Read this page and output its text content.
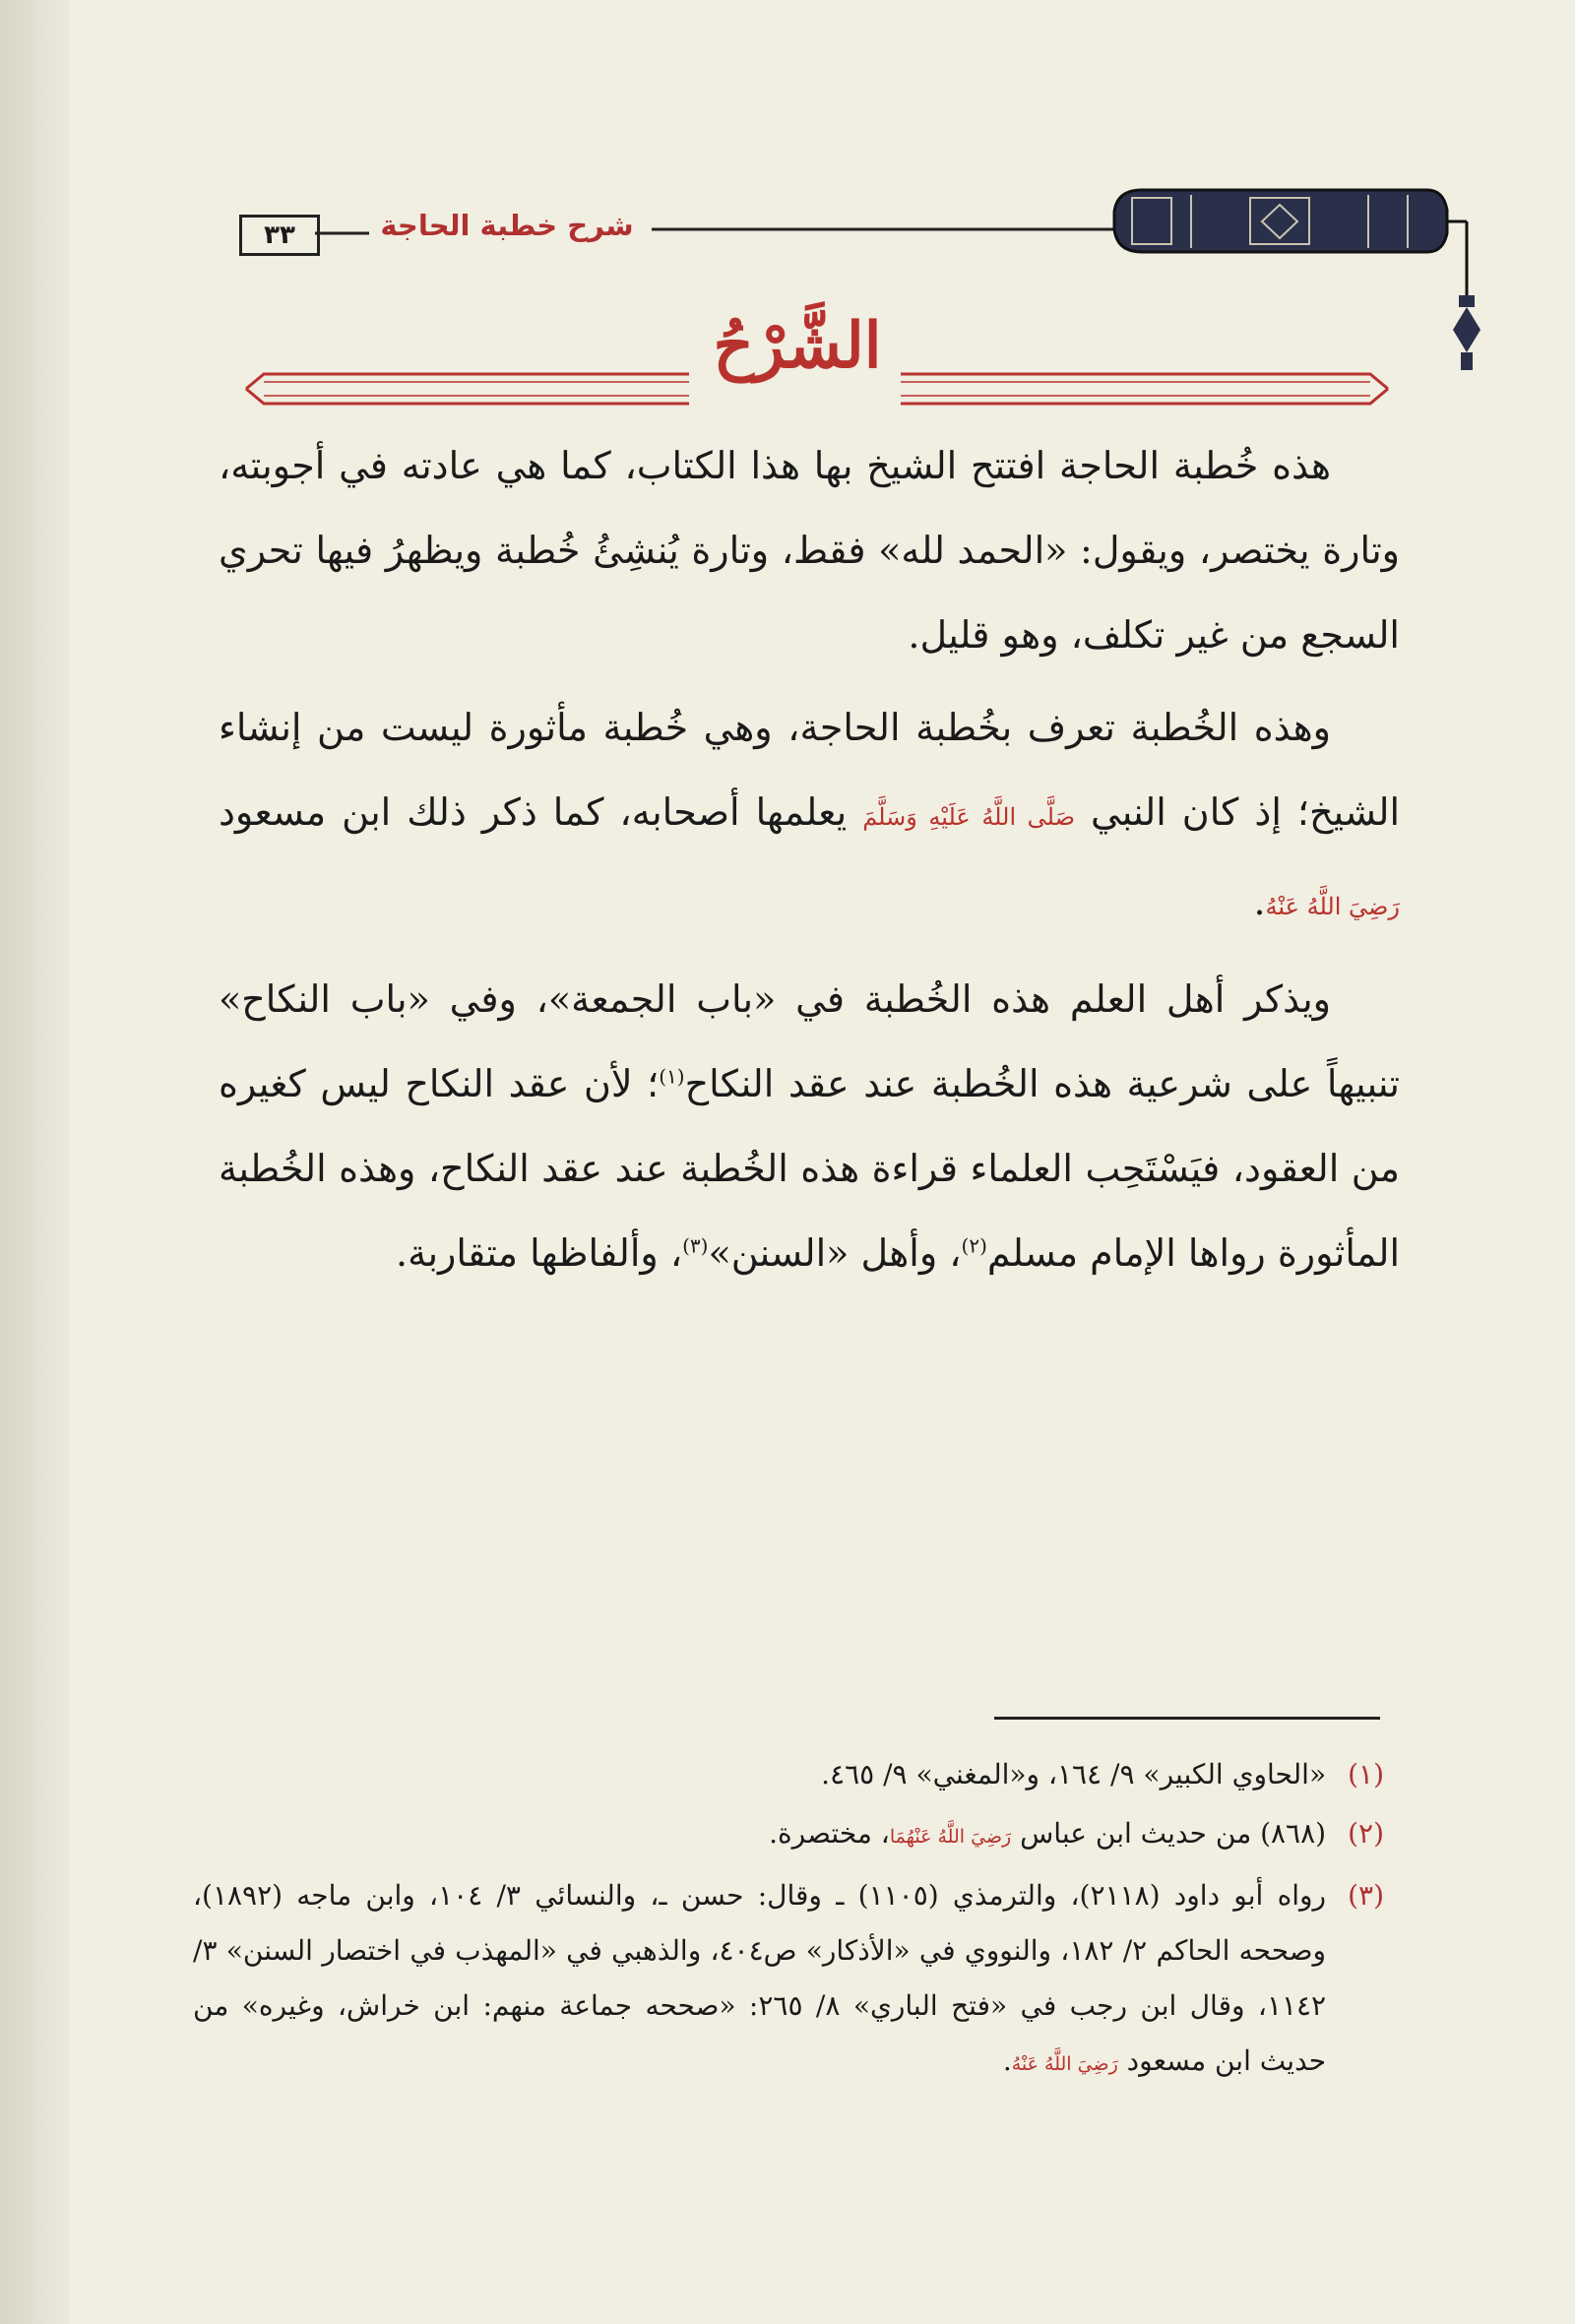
٣٣	شرح خطبة الحاجة
الشَّرْحُ

هذه خُطبة الحاجة افتتح الشيخ بها هذا الكتاب، كما هي عادته في أجوبته، وتارة يختصر، ويقول: «الحمد لله» فقط، وتارة يُنشِئُ خُطبة ويظهرُ فيها تحري السجع من غير تكلف، وهو قليل.

وهذه الخُطبة تعرف بخُطبة الحاجة، وهي خُطبة مأثورة ليست من إنشاء الشيخ؛ إذ كان النبي صَلَّى اللَّهُ عَلَيْهِ وَسَلَّمَ يعلمها أصحابه، كما ذكر ذلك ابن مسعود رَضِيَ اللَّهُ عَنْهُ.

ويذكر أهل العلم هذه الخُطبة في «باب الجمعة»، وفي «باب النكاح» تنبيهاً على شرعية هذه الخُطبة عند عقد النكاح$^{(١)}$؛ لأن عقد النكاح ليس كغيره من العقود، فيَسْتَحِب العلماء قراءة هذه الخُطبة عند عقد النكاح، وهذه الخُطبة المأثورة رواها الإمام مسلم$^{(٢)}$، وأهل «السنن»$^{(٣)}$، وألفاظها متقاربة.

(١)
«الحاوي الكبير» ٩/ ١٦٤، و«المغني» ٩/ ٤٦٥.
(٢)
(٨٦٨) من حديث ابن عباس رَضِيَ اللَّهُ عَنْهُمَا، مختصرة.
(٣)
رواه أبو داود (٢١١٨)، والترمذي (١١٠٥) ـ وقال: حسن ـ، والنسائي ٣/ ١٠٤، وابن ماجه (١٨٩٢)، وصححه الحاكم ٢/ ١٨٢، والنووي في «الأذكار» ص٤٠٤، والذهبي في «المهذب في اختصار السنن» ٣/ ١١٤٢، وقال ابن رجب في «فتح الباري» ٨/ ٢٦٥: «صححه جماعة منهم: ابن خراش، وغيره» من حديث ابن مسعود رَضِيَ اللَّهُ عَنْهُ.
